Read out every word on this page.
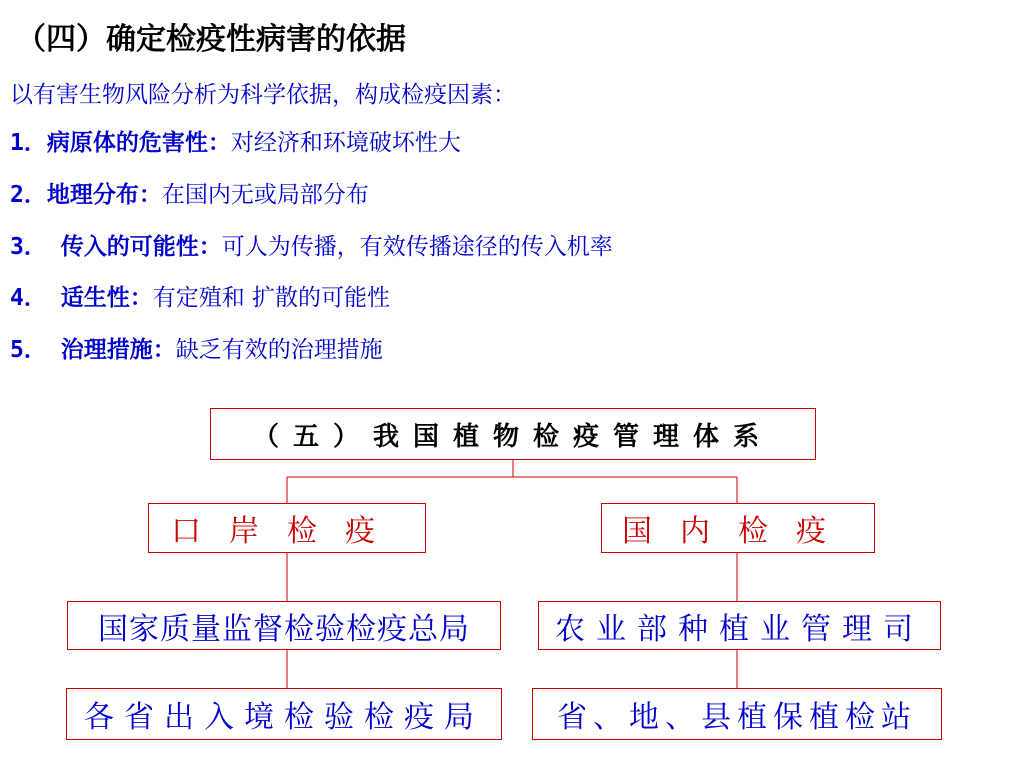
（四）确定检疫性病害的依据
以有害生物风险分析为科学依据，构成检疫因素：
1．病原体的危害性：对经济和环境破坏性大
2．地理分布：在国内无或局部分布
3． 传入的可能性：可人为传播，有效传播途径的传入机率
4． 适生性：有定殖和 扩散的可能性
5． 治理措施：缺乏有效的治理措施
（五）我国植物检疫管理体系
口岸检疫	国内检疫
国家质量监督检验检疫总局	农业部种植业管理司
各省出入境检验检疫局	省、地、县植保植检站
